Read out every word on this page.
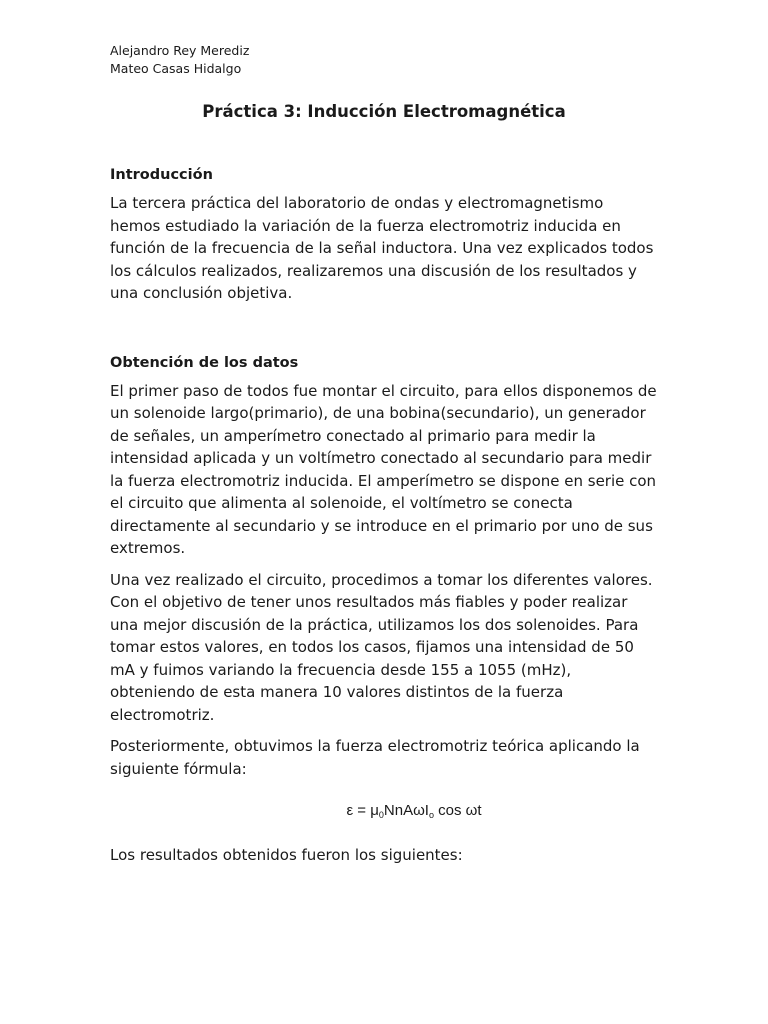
Alejandro Rey Merediz
Mateo Casas Hidalgo
Práctica 3: Inducción Electromagnética
Introducción

La tercera práctica del laboratorio de ondas y electromagnetismo hemos estudiado la variación de la fuerza electromotriz inducida en función de la frecuencia de la señal inductora. Una vez explicados todos los cálculos realizados, realizaremos una discusión de los resultados y una conclusión objetiva.

Obtención de los datos

El primer paso de todos fue montar el circuito, para ellos disponemos de un solenoide largo(primario), de una bobina(secundario), un generador de señales, un amperímetro conectado al primario para medir la intensidad aplicada y un voltímetro conectado al secundario para medir la fuerza electromotriz inducida. El amperímetro se dispone en serie con el circuito que alimenta al solenoide, el voltímetro se conecta directamente al secundario y se introduce en el primario por uno de sus extremos.

Una vez realizado el circuito, procedimos a tomar los diferentes valores. Con el objetivo de tener unos resultados más fiables y poder realizar una mejor discusión de la práctica, utilizamos los dos solenoides. Para tomar estos valores, en todos los casos, fijamos una intensidad de 50 mA y fuimos variando la frecuencia desde 155 a 1055 (mHz), obteniendo de esta manera 10 valores distintos de la fuerza electromotriz.

Posteriormente, obtuvimos la fuerza electromotriz teórica aplicando la siguiente fórmula:

$\varepsilon = \mu_0NnA\omega I_o$ cos ωt

Los resultados obtenidos fueron los siguientes:
